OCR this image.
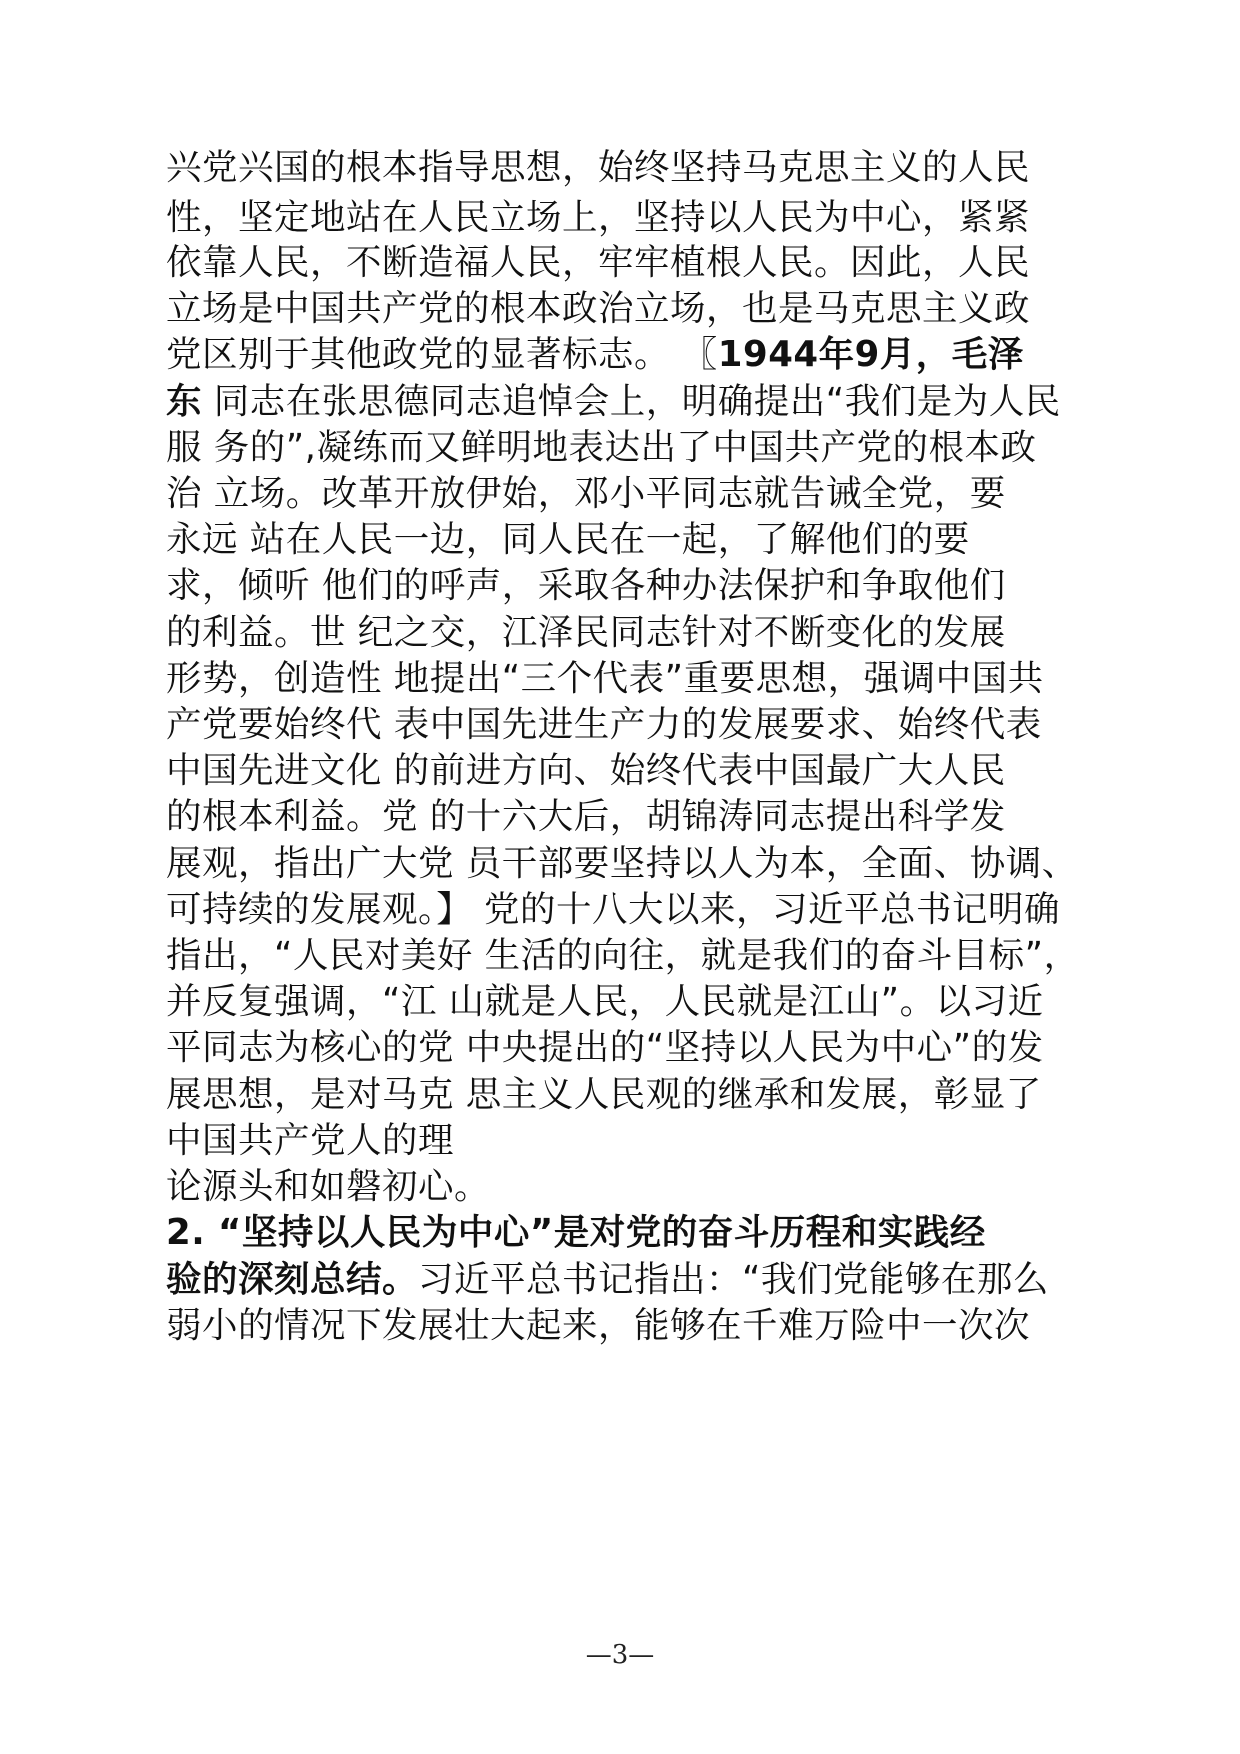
兴党兴国的根本指导思想，始终坚持马克思主义的人民
性，坚定地站在人民立场上，坚持以人民为中心，紧紧
依靠人民，不断造福人民，牢牢植根人民。因此，人民
立场是中国共产党的根本政治立场，也是马克思主义政
党区别于其他政党的显著标志。 〖1944年9月，毛泽
东 同志在张思德同志追悼会上，明确提出“我们是为人民
服 务的”,凝练而又鲜明地表达出了中国共产党的根本政
治 立场。改革开放伊始，邓小平同志就告诫全党，要
永远 站在人民一边，同人民在一起，了解他们的要
求，倾听 他们的呼声，采取各种办法保护和争取他们
的利益。世 纪之交，江泽民同志针对不断变化的发展
形势，创造性 地提出“三个代表”重要思想，强调中国共
产党要始终代 表中国先进生产力的发展要求、始终代表
中国先进文化 的前进方向、始终代表中国最广大人民
的根本利益。党 的十六大后，胡锦涛同志提出科学发
展观，指出广大党 员干部要坚持以人为本，全面、协调、
可持续的发展观。】 党的十八大以来，习近平总书记明确
指出，“人民对美好 生活的向往，就是我们的奋斗目标”，
并反复强调，“江 山就是人民，人民就是江山”。以习近
平同志为核心的党 中央提出的“坚持以人民为中心”的发
展思想，是对马克 思主义人民观的继承和发展，彰显了
中国共产党人的理
论源头和如磐初心。
2. “坚持以人民为中心”是对党的奋斗历程和实践经
验的深刻总结。习近平总书记指出：“我们党能够在那么
弱小的情况下发展壮大起来，能够在千难万险中一次次
—3—
